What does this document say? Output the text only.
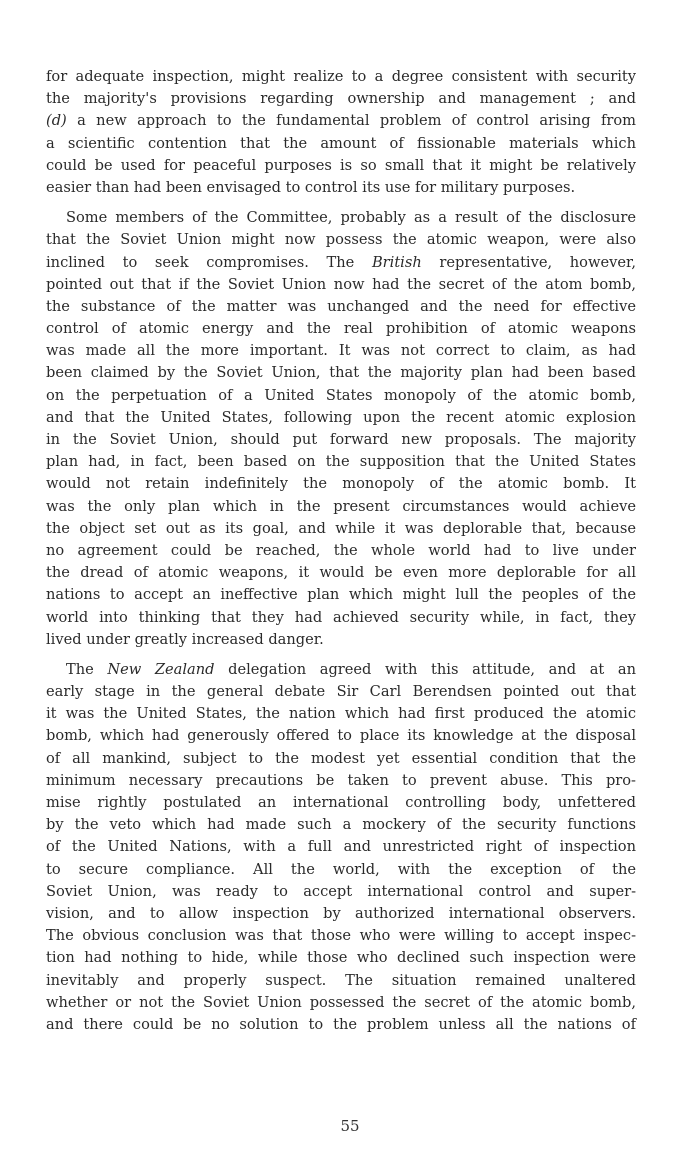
for adequate inspection, might realize to a degree consistent with security
the majority's provisions regarding ownership and management ; and
(d) a new approach to the fundamental problem of control arising from
a scientific contention that the amount of fissionable materials which
could be used for peaceful purposes is so small that it might be relatively
easier than had been envisaged to control its use for military purposes.
Some members of the Committee, probably as a result of the disclosure
that the Soviet Union might now possess the atomic weapon, were also
inclined to seek compromises. The British representative, however,
pointed out that if the Soviet Union now had the secret of the atom bomb,
the substance of the matter was unchanged and the need for effective
control of atomic energy and the real prohibition of atomic weapons
was made all the more important. It was not correct to claim, as had
been claimed by the Soviet Union, that the majority plan had been based
on the perpetuation of a United States monopoly of the atomic bomb,
and that the United States, following upon the recent atomic explosion
in the Soviet Union, should put forward new proposals. The majority
plan had, in fact, been based on the supposition that the United States
would not retain indefinitely the monopoly of the atomic bomb. It
was the only plan which in the present circumstances would achieve
the object set out as its goal, and while it was deplorable that, because
no agreement could be reached, the whole world had to live under
the dread of atomic weapons, it would be even more deplorable for all
nations to accept an ineffective plan which might lull the peoples of the
world into thinking that they had achieved security while, in fact, they
lived under greatly increased danger.
The New Zealand delegation agreed with this attitude, and at an
early stage in the general debate Sir Carl Berendsen pointed out that
it was the United States, the nation which had first produced the atomic
bomb, which had generously offered to place its knowledge at the disposal
of all mankind, subject to the modest yet essential condition that the
minimum necessary precautions be taken to prevent abuse. This pro-
mise rightly postulated an international controlling body, unfettered
by the veto which had made such a mockery of the security functions
of the United Nations, with a full and unrestricted right of inspection
to secure compliance. All the world, with the exception of the
Soviet Union, was ready to accept international control and super-
vision, and to allow inspection by authorized international observers.
The obvious conclusion was that those who were willing to accept inspec-
tion had nothing to hide, while those who declined such inspection were
inevitably and properly suspect. The situation remained unaltered
whether or not the Soviet Union possessed the secret of the atomic bomb,
and there could be no solution to the problem unless all the nations of
55
